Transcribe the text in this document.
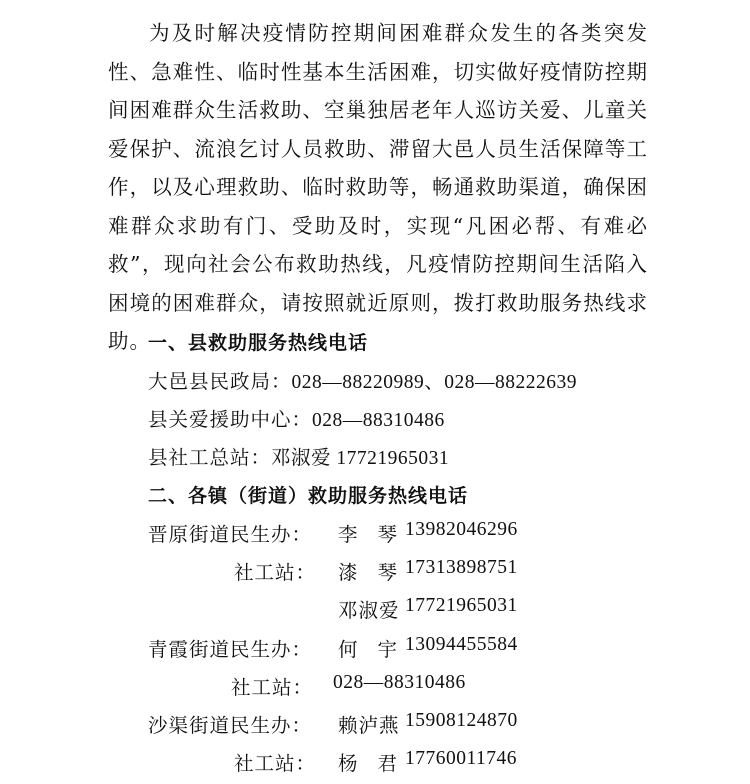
为及时解决疫情防控期间困难群众发生的各类突发性、急难性、临时性基本生活困难，切实做好疫情防控期间困难群众生活救助、空巢独居老年人巡访关爱、儿童关爱保护、流浪乞讨人员救助、滞留大邑人员生活保障等工作，以及心理救助、临时救助等，畅通救助渠道，确保困难群众求助有门、受助及时，实现“凡困必帮、有难必救”，现向社会公布救助热线，凡疫情防控期间生活陷入困境的困难群众，请按照就近原则，拨打救助服务热线求助。

一、县救助服务热线电话
大邑县民政局：028—88220989、028—88222639
县关爱援助中心：028—88310486
县社工总站：邓淑爱 17721965031
二、各镇（街道）救助服务热线电话
晋原街道民生办： 李琴 13982046296
社工站： 漆琴 17313898751
邓淑爱 17721965031
青霞街道民生办： 何宇 13094455584
社工站： 028—88310486
沙渠街道民生办： 赖泸燕 15908124870
社工站： 杨君 17760011746
